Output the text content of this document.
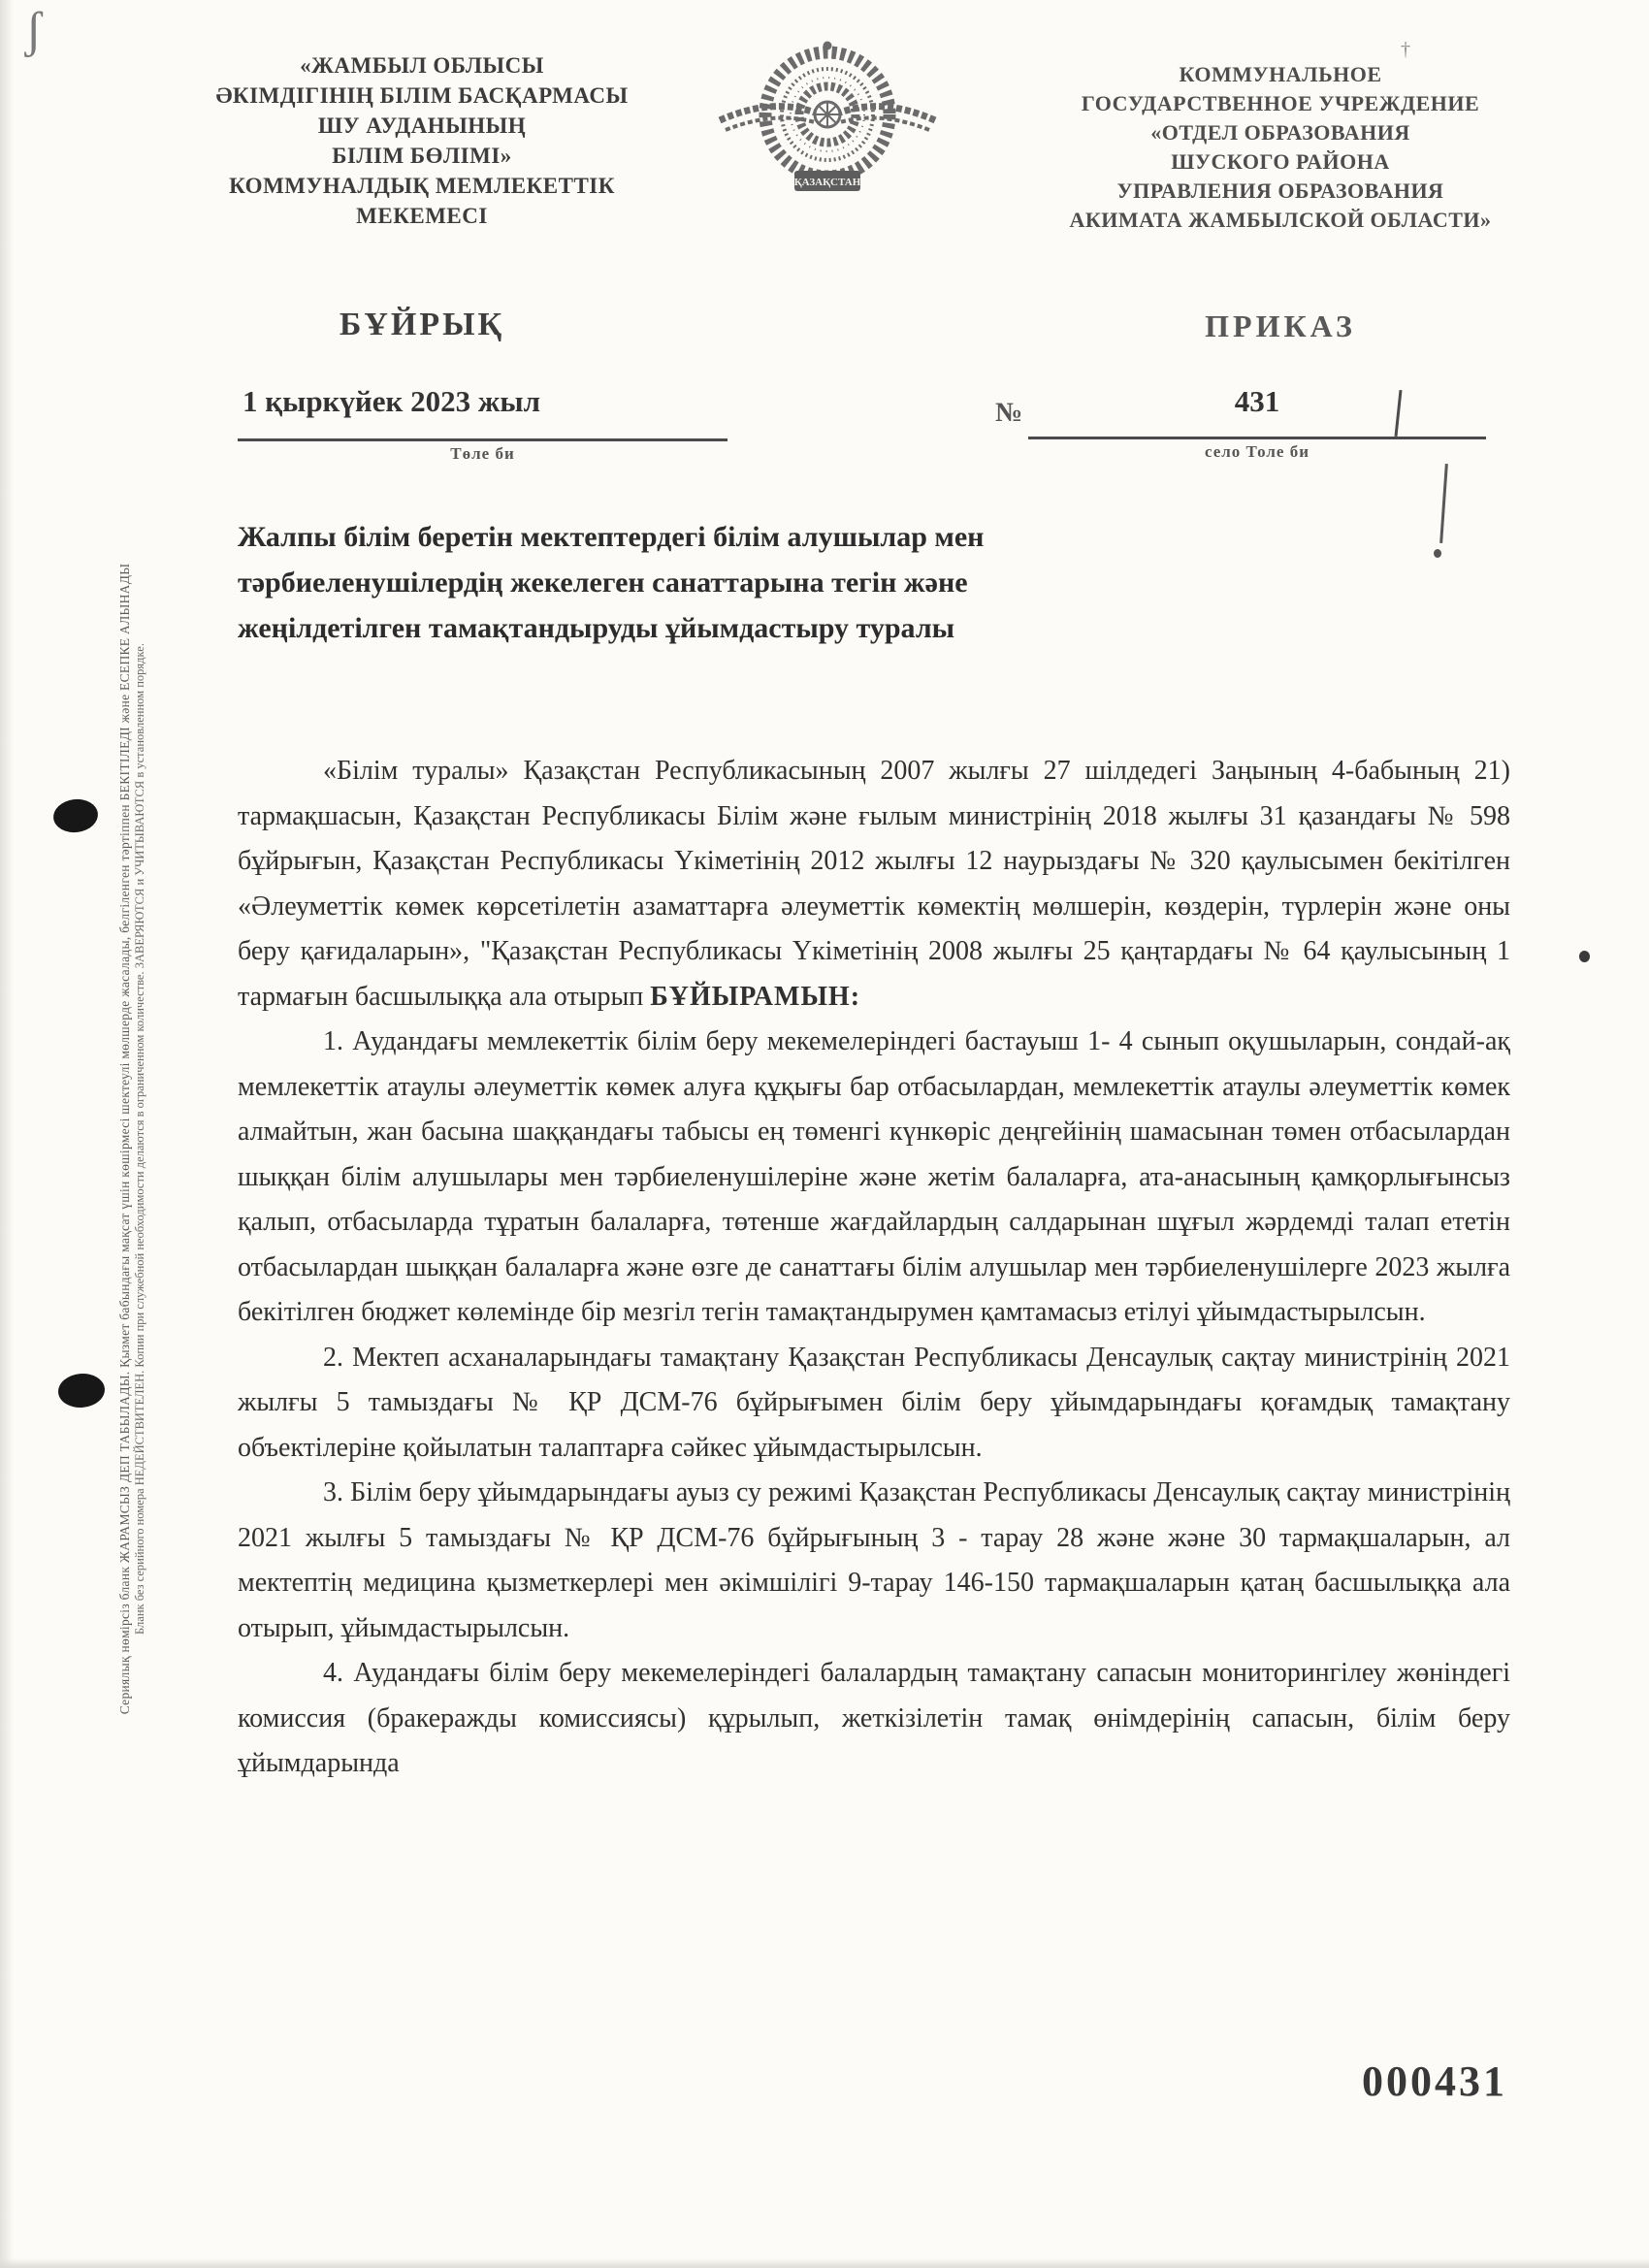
«ЖАМБЫЛ ОБЛЫСЫ
ӘКІМДІГІНІҢ БІЛІМ БАСҚАРМАСЫ
ШУ АУДАНЫНЫҢ
БІЛІМ БӨЛІМІ»
КОММУНАЛДЫҚ МЕМЛЕКЕТТІК
МЕКЕМЕСІ
ҚАЗАҚСТАН
КОММУНАЛЬНОЕ
ГОСУДАРСТВЕННОЕ УЧРЕЖДЕНИЕ
«ОТДЕЛ ОБРАЗОВАНИЯ
ШУСКОГО РАЙОНА
УПРАВЛЕНИЯ ОБРАЗОВАНИЯ
АКИМАТА ЖАМБЫЛСКОЙ ОБЛАСТИ»
БҰЙРЫҚ	ПРИКАЗ
1 қыркүйек 2023 жыл
Төле би
№	431
село Толе би
Жалпы білім беретін мектептердегі білім алушылар мен
тәрбиеленушілердің жекелеген санаттарына тегін және
жеңілдетілген тамақтандыруды ұйымдастыру туралы

«Білім туралы» Қазақстан Республикасының 2007 жылғы 27 шілдедегі Заңының 4-бабының 21) тармақшасын, Қазақстан Республикасы Білім және ғылым министрінің 2018 жылғы 31 қазандағы № 598 бұйрығын, Қазақстан Республикасы Үкіметінің 2012 жылғы 12 наурыздағы № 320 қаулысымен бекітілген «Әлеуметтік көмек көрсетілетін азаматтарға әлеуметтік көмектің мөлшерін, көздерін, түрлерін және оны беру қағидаларын», "Қазақстан Республикасы Үкіметінің 2008 жылғы 25 қаңтардағы № 64 қаулысының 1 тармағын басшылыққа ала отырып БҰЙЫРАМЫН:

1. Аудандағы мемлекеттік білім беру мекемелеріндегі бастауыш 1- 4 сынып оқушыларын, сондай-ақ мемлекеттік атаулы әлеуметтік көмек алуға құқығы бар отбасылардан, мемлекеттік атаулы әлеуметтік көмек алмайтын, жан басына шаққандағы табысы ең төменгі күнкөріс деңгейінің шамасынан төмен отбасылардан шыққан білім алушылары мен тәрбиеленушілеріне және жетім балаларға, ата-анасының қамқорлығынсыз қалып, отбасыларда тұратын балаларға, төтенше жағдайлардың салдарынан шұғыл жәрдемді талап ететін отбасылардан шыққан балаларға және өзге де санаттағы білім алушылар мен тәрбиеленушілерге 2023 жылға бекітілген бюджет көлемінде бір мезгіл тегін тамақтандырумен қамтамасыз етілуі ұйымдастырылсын.

2. Мектеп асханаларындағы тамақтану Қазақстан Республикасы Денсаулық сақтау министрінің 2021 жылғы 5 тамыздағы № ҚР ДСМ-76 бұйрығымен білім беру ұйымдарындағы қоғамдық тамақтану объектілеріне қойылатын талаптарға сәйкес ұйымдастырылсын.

3. Білім беру ұйымдарындағы ауыз су режимі Қазақстан Республикасы Денсаулық сақтау министрінің 2021 жылғы 5 тамыздағы № ҚР ДСМ-76 бұйрығының 3 - тарау 28 және және 30 тармақшаларын, ал мектептің медицина қызметкерлері мен әкімшілігі 9-тарау 146-150 тармақшаларын қатаң басшылыққа ала отырып, ұйымдастырылсын.

4. Аудандағы білім беру мекемелеріндегі балалардың тамақтану сапасын мониторингілеу жөніндегі комиссия (бракеражды комиссиясы) құрылып, жеткізілетін тамақ өнімдерінің сапасын, білім беру ұйымдарында

Сериялық нөмірсіз бланк ЖАРАМСЫЗ ДЕП ТАБЫЛАДЫ. Қызмет бабындағы мақсат үшін көшірмесі шектеулі мөлшерде жасалады, белгіленген тәртіппен БЕКІТІЛЕДІ және ЕСЕПКЕ АЛЫНАДЫ Бланк без серийного номера НЕДЕЙСТВИТЕЛЕН. Копии при служебной необходимости делаются в ограниченном количестве. ЗАВЕРЯЮТСЯ и УЧИТЫВАЮТСЯ в установленном порядке.
000431
ʃ	†
